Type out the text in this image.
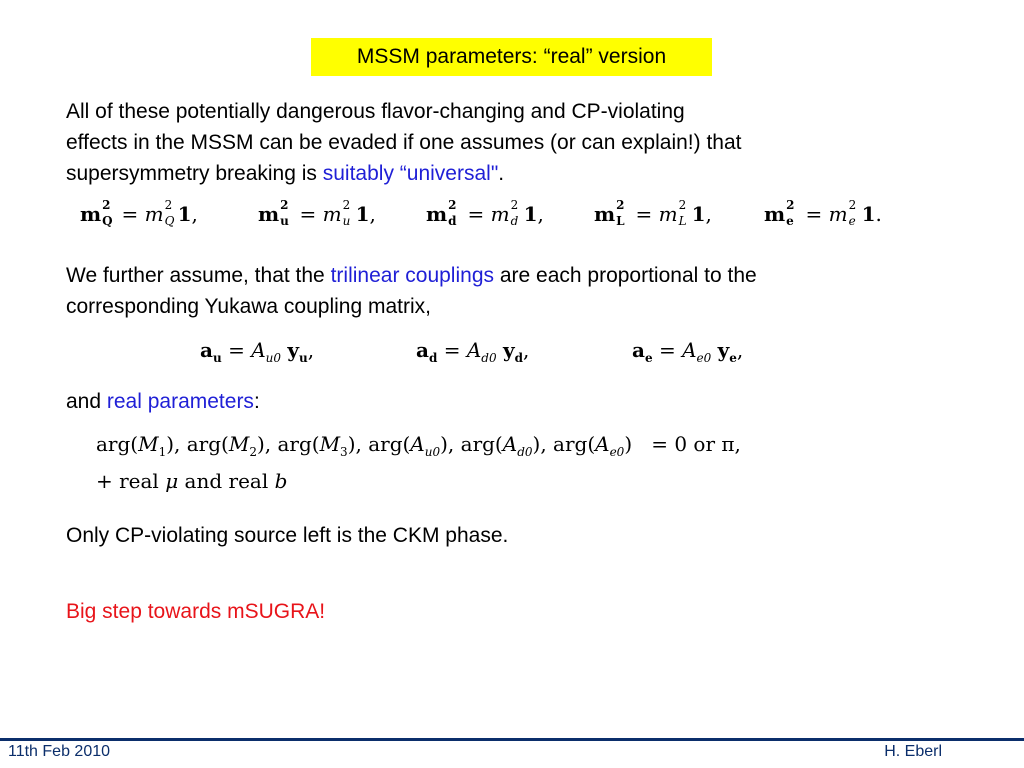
MSSM parameters: “real” version
All of these potentially dangerous flavor-changing and CP-violating
effects in the MSSM can be evaded if one assumes (or can explain!) that
supersymmetry breaking is suitably “universal".
m 2
Q = m 2
Q 1,	m 2
u = m 2
u 1,	m 2
d = m 2
d 1,	m 2
L = m 2
L 1,	m 2
e = m 2
e 1.
We further assume, that the trilinear couplings are each proportional to the
corresponding Yukawa coupling matrix,
$a_u = A_{u0}$ $y_u$,	$a_d = A_{d0}$ $y_d$,	$a_e = A_{e0}$ $y_e$,
and real parameters:
$arg(M_1)$, $arg(M_2)$, $arg(M_3)$, $arg(A_{u0})$, $arg(A_{d0})$, $arg(A_{e0}) = 0$ or π,
+ real μ and real b
Only CP-violating source left is the CKM phase.
Big step towards mSUGRA!
11th Feb 2010	H. Eberl
